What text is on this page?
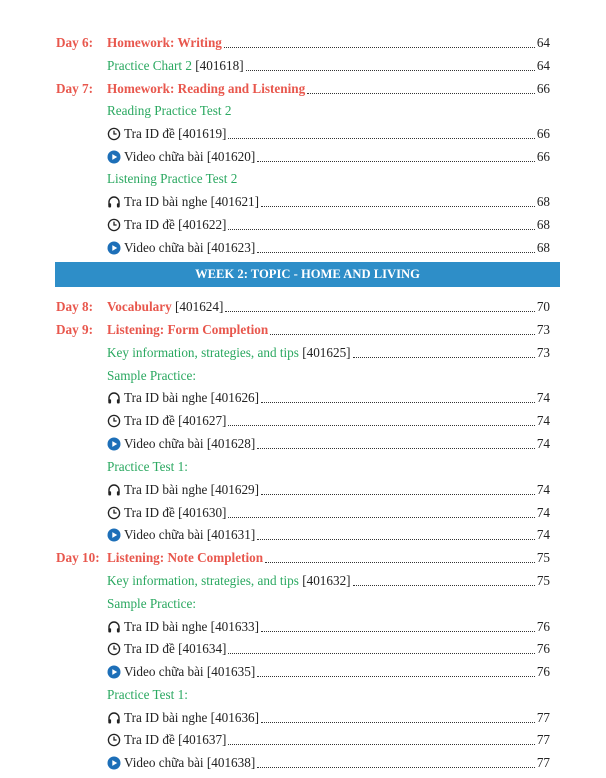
Day 6: Homework: Writing	64
Practice Chart 2 [401618]	64
Day 7: Homework: Reading and Listening	66
Reading Practice Test 2
Tra ID đề [401619]	66
Video chữa bài [401620]	66
Listening Practice Test 2
Tra ID bài nghe [401621]	68
Tra ID đề [401622]	68
Video chữa bài [401623]	68
WEEK 2: TOPIC - HOME AND LIVING
Day 8: Vocabulary [401624]	70
Day 9: Listening: Form Completion	73
Key information, strategies, and tips [401625]	73
Sample Practice:
Tra ID bài nghe [401626]	74
Tra ID đề [401627]	74
Video chữa bài [401628]	74
Practice Test 1:
Tra ID bài nghe [401629]	74
Tra ID đề [401630]	74
Video chữa bài [401631]	74
Day 10: Listening: Note Completion	75
Key information, strategies, and tips [401632]	75
Sample Practice:
Tra ID bài nghe [401633]	76
Tra ID đề [401634]	76
Video chữa bài [401635]	76
Practice Test 1:
Tra ID bài nghe [401636]	77
Tra ID đề [401637]	77
Video chữa bài [401638]	77
